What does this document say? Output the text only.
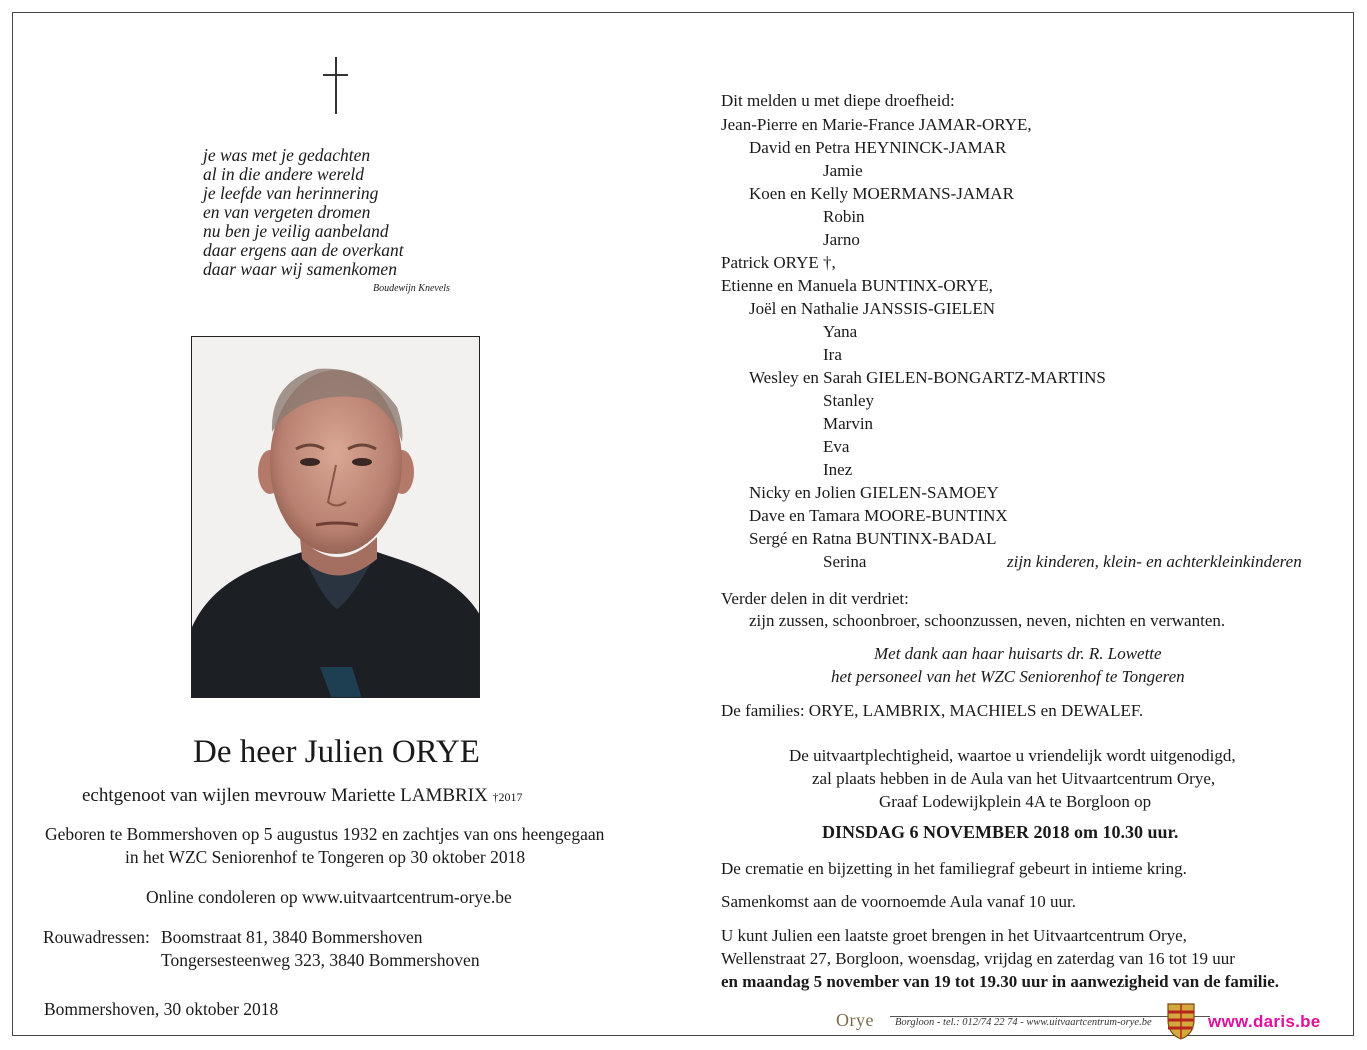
je was met je gedachten
al in die andere wereld
je leefde van herinnering
en van vergeten dromen
nu ben je veilig aanbeland
daar ergens aan de overkant
daar waar wij samenkomen
Boudewijn Knevels
De heer Julien ORYE
echtgenoot van wijlen mevrouw Mariette LAMBRIX †2017
Geboren te Bommershoven op 5 augustus 1932 en zachtjes van ons heengegaan
in het WZC Seniorenhof te Tongeren op 30 oktober 2018
Online condoleren op www.uitvaartcentrum-orye.be
Rouwadressen: Boomstraat 81, 3840 Bommershoven
Tongersesteenweg 323, 3840 Bommershoven
Bommershoven, 30 oktober 2018
Dit melden u met diepe droefheid:
Jean-Pierre en Marie-France JAMAR-ORYE,
David en Petra HEYNINCK-JAMAR
Jamie
Koen en Kelly MOERMANS-JAMAR
Robin
Jarno
Patrick ORYE †,
Etienne en Manuela BUNTINX-ORYE,
Joël en Nathalie JANSSIS-GIELEN
Yana
Ira
Wesley en Sarah GIELEN-BONGARTZ-MARTINS
Stanley
Marvin
Eva
Inez
Nicky en Jolien GIELEN-SAMOEY
Dave en Tamara MOORE-BUNTINX
Sergé en Ratna BUNTINX-BADAL
Serina	zijn kinderen, klein- en achterkleinkinderen
Verder delen in dit verdriet:
zijn zussen, schoonbroer, schoonzussen, neven, nichten en verwanten.
Met dank aan haar huisarts dr. R. Lowette
het personeel van het WZC Seniorenhof te Tongeren
De families: ORYE, LAMBRIX, MACHIELS en DEWALEF.
De uitvaartplechtigheid, waartoe u vriendelijk wordt uitgenodigd,
zal plaats hebben in de Aula van het Uitvaartcentrum Orye,
Graaf Lodewijkplein 4A te Borgloon op
DINSDAG 6 NOVEMBER 2018 om 10.30 uur.
De crematie en bijzetting in het familiegraf gebeurt in intieme kring.
Samenkomst aan de voornoemde Aula vanaf 10 uur.
U kunt Julien een laatste groet brengen in het Uitvaartcentrum Orye,
Wellenstraat 27, Borgloon, woensdag, vrijdag en zaterdag van 16 tot 19 uur
en maandag 5 november van 19 tot 19.30 uur in aanwezigheid van de familie.
Orye Borgloon - tel.: 012/74 22 74 - www.uitvaartcentrum-orye.be	www.daris.be
